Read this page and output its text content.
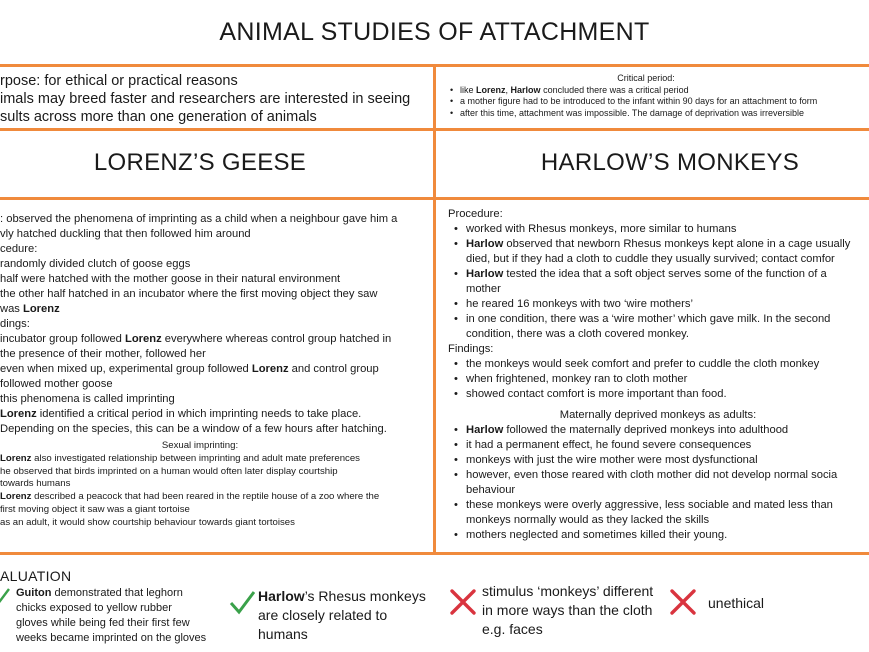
ANIMAL STUDIES OF ATTACHMENT
rpose: for ethical or practical reasons
imals may breed faster and researchers are interested in seeing
sults across more than one generation of animals
Critical period:
• like Lorenz, Harlow concluded there was a critical period
• a mother figure had to be introduced to the infant within 90 days for an attachment to form
• after this time, attachment was impossible. The damage of deprivation was irreversible
LORENZ’S GEESE	HARLOW’S MONKEYS
: observed the phenomena of imprinting as a child when a neighbour gave him a
vly hatched duckling that then followed him around
cedure:
randomly divided clutch of goose eggs
half were hatched with the mother goose in their natural environment
the other half hatched in an incubator where the first moving object they saw
was Lorenz
dings:
incubator group followed Lorenz everywhere whereas control group hatched in
the presence of their mother, followed her
even when mixed up, experimental group followed Lorenz and control group
followed mother goose
this phenomena is called imprinting
Lorenz identified a critical period in which imprinting needs to take place.
Depending on the species, this can be a window of a few hours after hatching.
Sexual imprinting:
Lorenz also investigated relationship between imprinting and adult mate preferences
he observed that birds imprinted on a human would often later display courtship
towards humans
Lorenz described a peacock that had been reared in the reptile house of a zoo where the
first moving object it saw was a giant tortoise
as an adult, it would show courtship behaviour towards giant tortoises
Procedure:
• worked with Rhesus monkeys, more similar to humans
• Harlow observed that newborn Rhesus monkeys kept alone in a cage usually
died, but if they had a cloth to cuddle they usually survived; contact comfor
• Harlow tested the idea that a soft object serves some of the function of a
mother
• he reared 16 monkeys with two ‘wire mothers’
• in one condition, there was a ‘wire mother’ which gave milk. In the second
condition, there was a cloth covered monkey.
Findings:
• the monkeys would seek comfort and prefer to cuddle the cloth monkey
• when frightened, monkey ran to cloth mother
• showed contact comfort is more important than food.
Maternally deprived monkeys as adults:
• Harlow followed the maternally deprived monkeys into adulthood
• it had a permanent effect, he found severe consequences
• monkeys with just the wire mother were most dysfunctional
• however, even those reared with cloth mother did not develop normal socia
behaviour
• these monkeys were overly aggressive, less sociable and mated less than
monkeys normally would as they lacked the skills
• mothers neglected and sometimes killed their young.
ALUATION
Guiton demonstrated that leghorn
chicks exposed to yellow rubber
gloves while being fed their first few
weeks became imprinted on the gloves
Harlow’s Rhesus monkeys
are closely related to
humans
stimulus ‘monkeys’ different
in more ways than the cloth
e.g. faces
unethical
